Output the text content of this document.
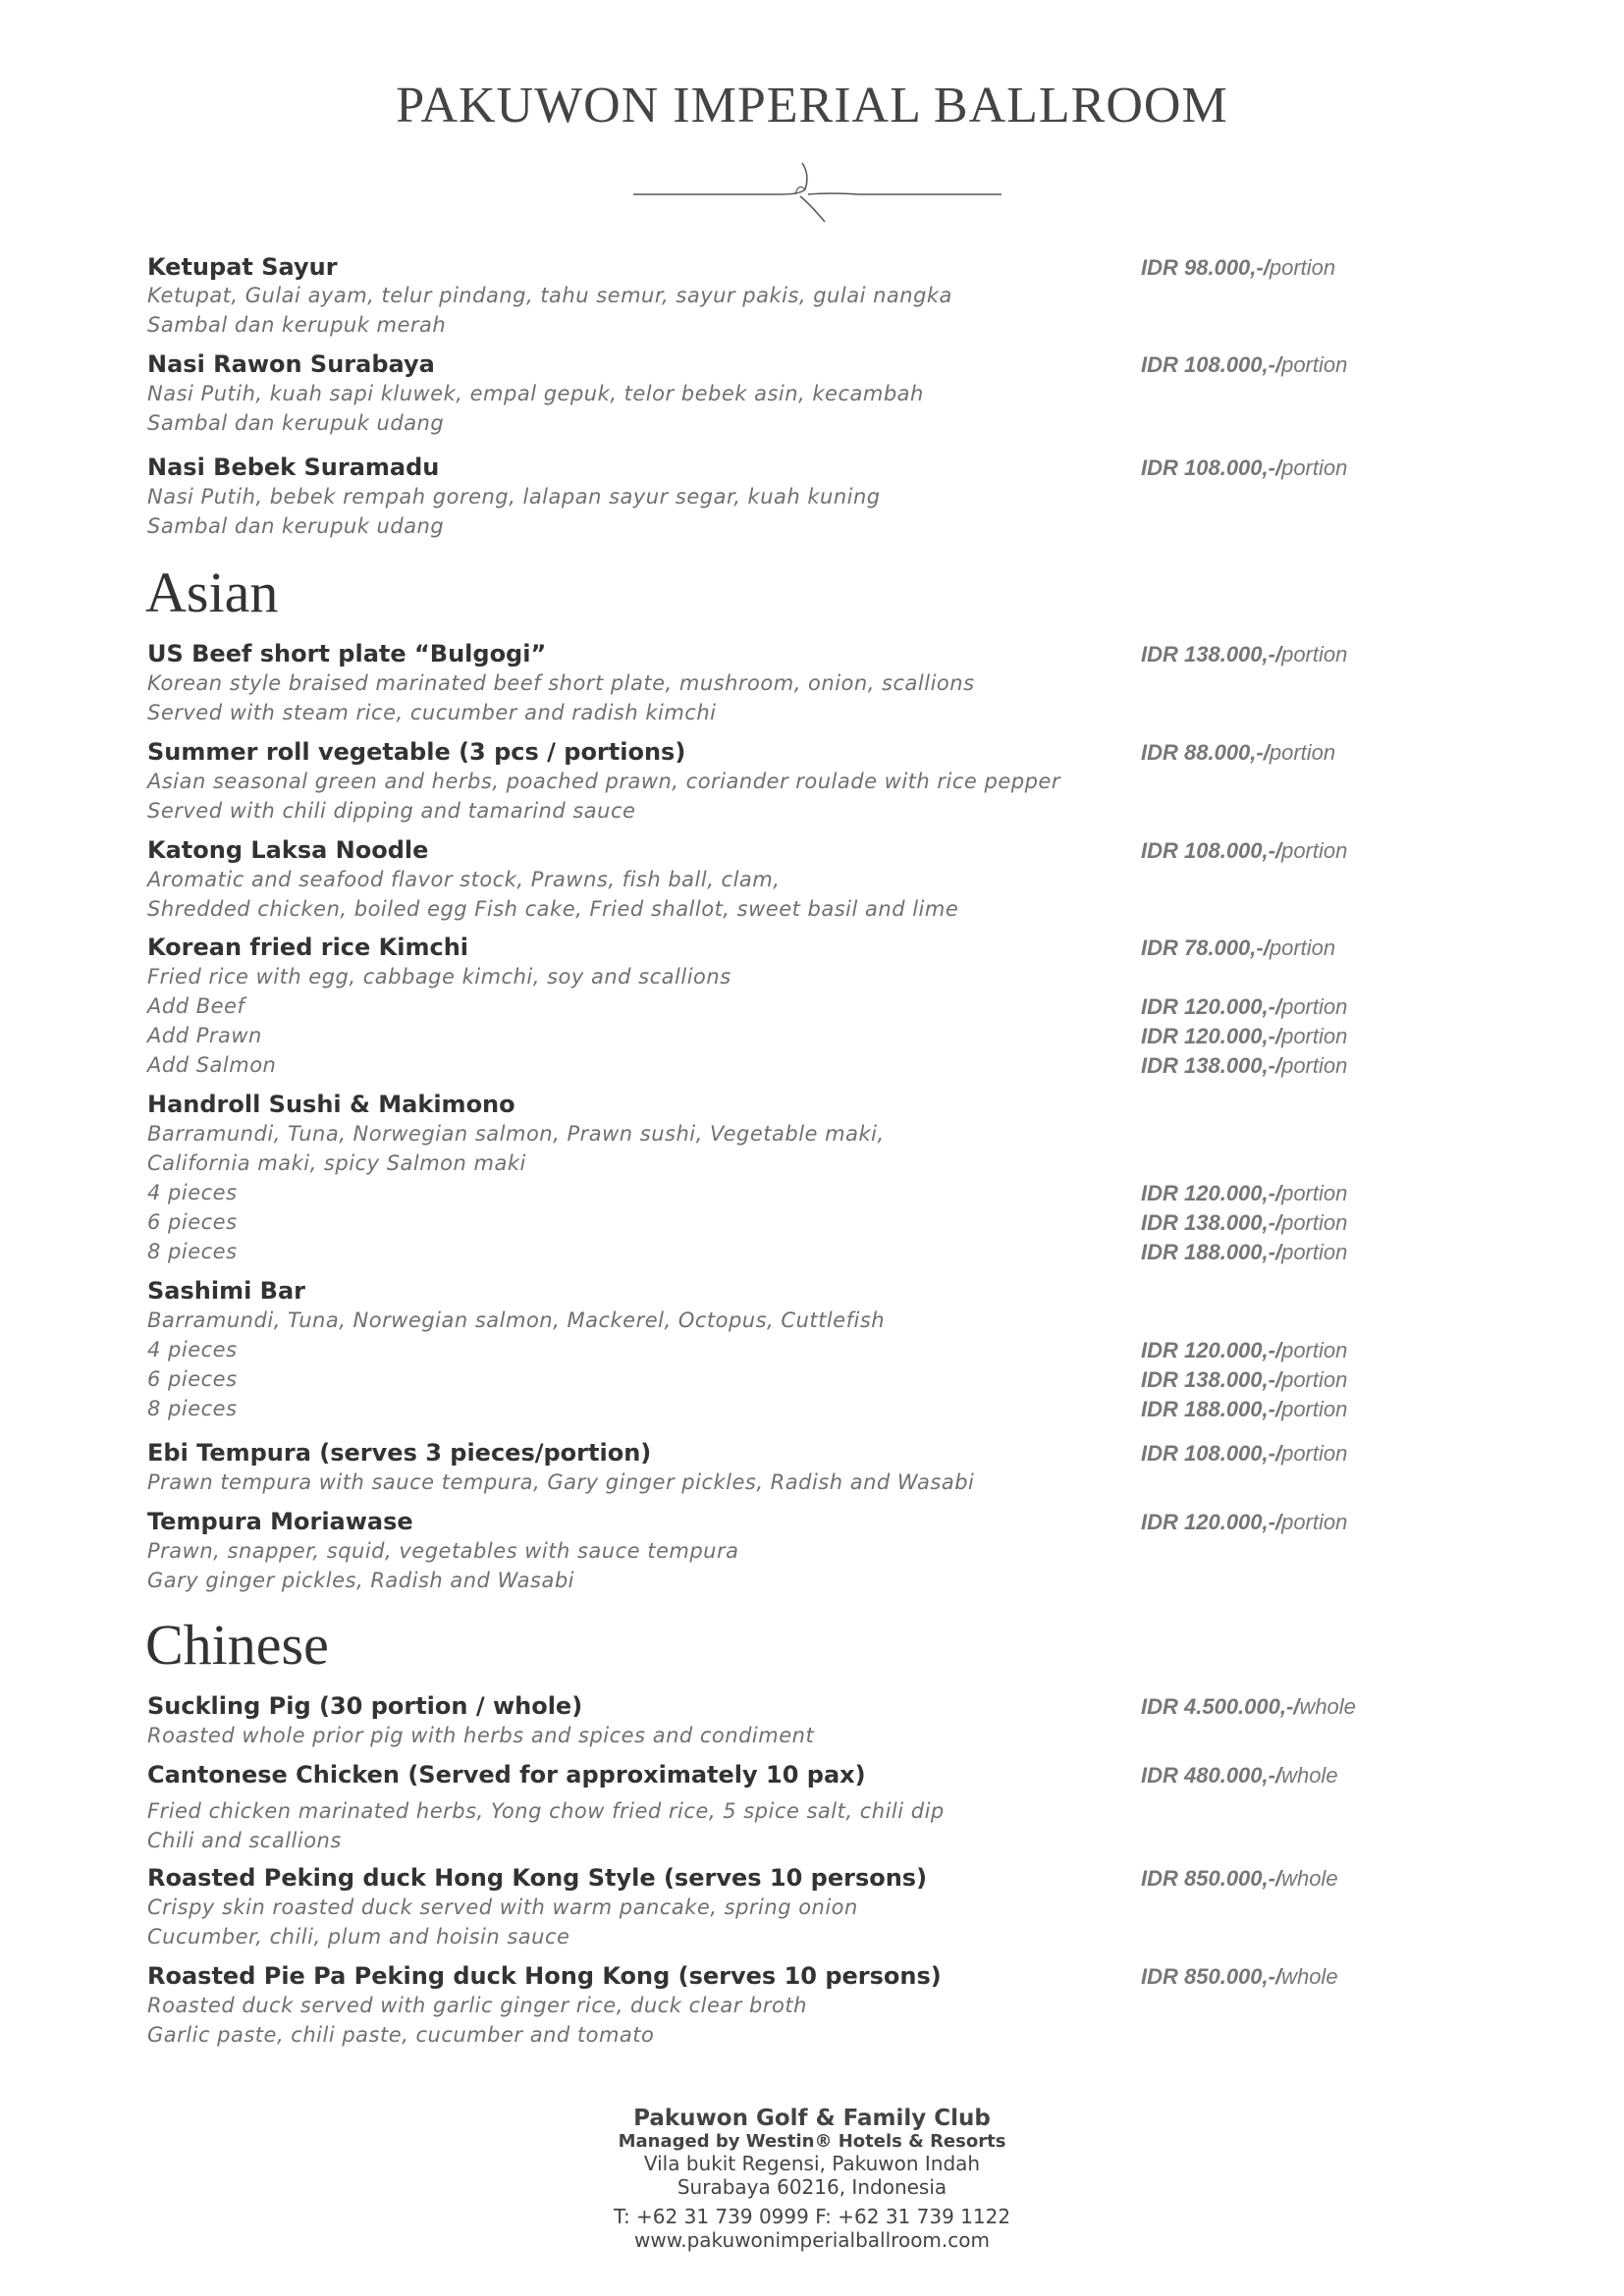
PAKUWON IMPERIAL BALLROOM
Ketupat Sayur	IDR 98.000,-/portion
Ketupat, Gulai ayam, telur pindang, tahu semur, sayur pakis, gulai nangka
Sambal dan kerupuk merah
Nasi Rawon Surabaya	IDR 108.000,-/portion
Nasi Putih, kuah sapi kluwek, empal gepuk, telor bebek asin, kecambah
Sambal dan kerupuk udang
Nasi Bebek Suramadu	IDR 108.000,-/portion
Nasi Putih, bebek rempah goreng, lalapan sayur segar, kuah kuning
Sambal dan kerupuk udang
Asian
US Beef short plate “Bulgogi”	IDR 138.000,-/portion
Korean style braised marinated beef short plate, mushroom, onion, scallions
Served with steam rice, cucumber and radish kimchi
Summer roll vegetable (3 pcs / portions)	IDR 88.000,-/portion
Asian seasonal green and herbs, poached prawn, coriander roulade with rice pepper
Served with chili dipping and tamarind sauce
Katong Laksa Noodle	IDR 108.000,-/portion
Aromatic and seafood flavor stock, Prawns, fish ball, clam,
Shredded chicken, boiled egg Fish cake, Fried shallot, sweet basil and lime
Korean fried rice Kimchi	IDR 78.000,-/portion
Fried rice with egg, cabbage kimchi, soy and scallions
Add Beef	IDR 120.000,-/portion
Add Prawn	IDR 120.000,-/portion
Add Salmon	IDR 138.000,-/portion
Handroll Sushi & Makimono
Barramundi, Tuna, Norwegian salmon, Prawn sushi, Vegetable maki,
California maki, spicy Salmon maki
4 pieces	IDR 120.000,-/portion
6 pieces	IDR 138.000,-/portion
8 pieces	IDR 188.000,-/portion
Sashimi Bar
Barramundi, Tuna, Norwegian salmon, Mackerel, Octopus, Cuttlefish
4 pieces	IDR 120.000,-/portion
6 pieces	IDR 138.000,-/portion
8 pieces	IDR 188.000,-/portion
Ebi Tempura (serves 3 pieces/portion)	IDR 108.000,-/portion
Prawn tempura with sauce tempura, Gary ginger pickles, Radish and Wasabi
Tempura Moriawase	IDR 120.000,-/portion
Prawn, snapper, squid, vegetables with sauce tempura
Gary ginger pickles, Radish and Wasabi
Chinese
Suckling Pig (30 portion / whole)	IDR 4.500.000,-/whole
Roasted whole prior pig with herbs and spices and condiment
Cantonese Chicken (Served for approximately 10 pax)	IDR 480.000,-/whole
Fried chicken marinated herbs, Yong chow fried rice, 5 spice salt, chili dip
Chili and scallions
Roasted Peking duck Hong Kong Style (serves 10 persons)	IDR 850.000,-/whole
Crispy skin roasted duck served with warm pancake, spring onion
Cucumber, chili, plum and hoisin sauce
Roasted Pie Pa Peking duck Hong Kong (serves 10 persons)	IDR 850.000,-/whole
Roasted duck served with garlic ginger rice, duck clear broth
Garlic paste, chili paste, cucumber and tomato
Pakuwon Golf & Family Club
Managed by Westin® Hotels & Resorts
Vila bukit Regensi, Pakuwon Indah
Surabaya 60216, Indonesia
T: +62 31 739 0999 F: +62 31 739 1122
www.pakuwonimperialballroom.com
